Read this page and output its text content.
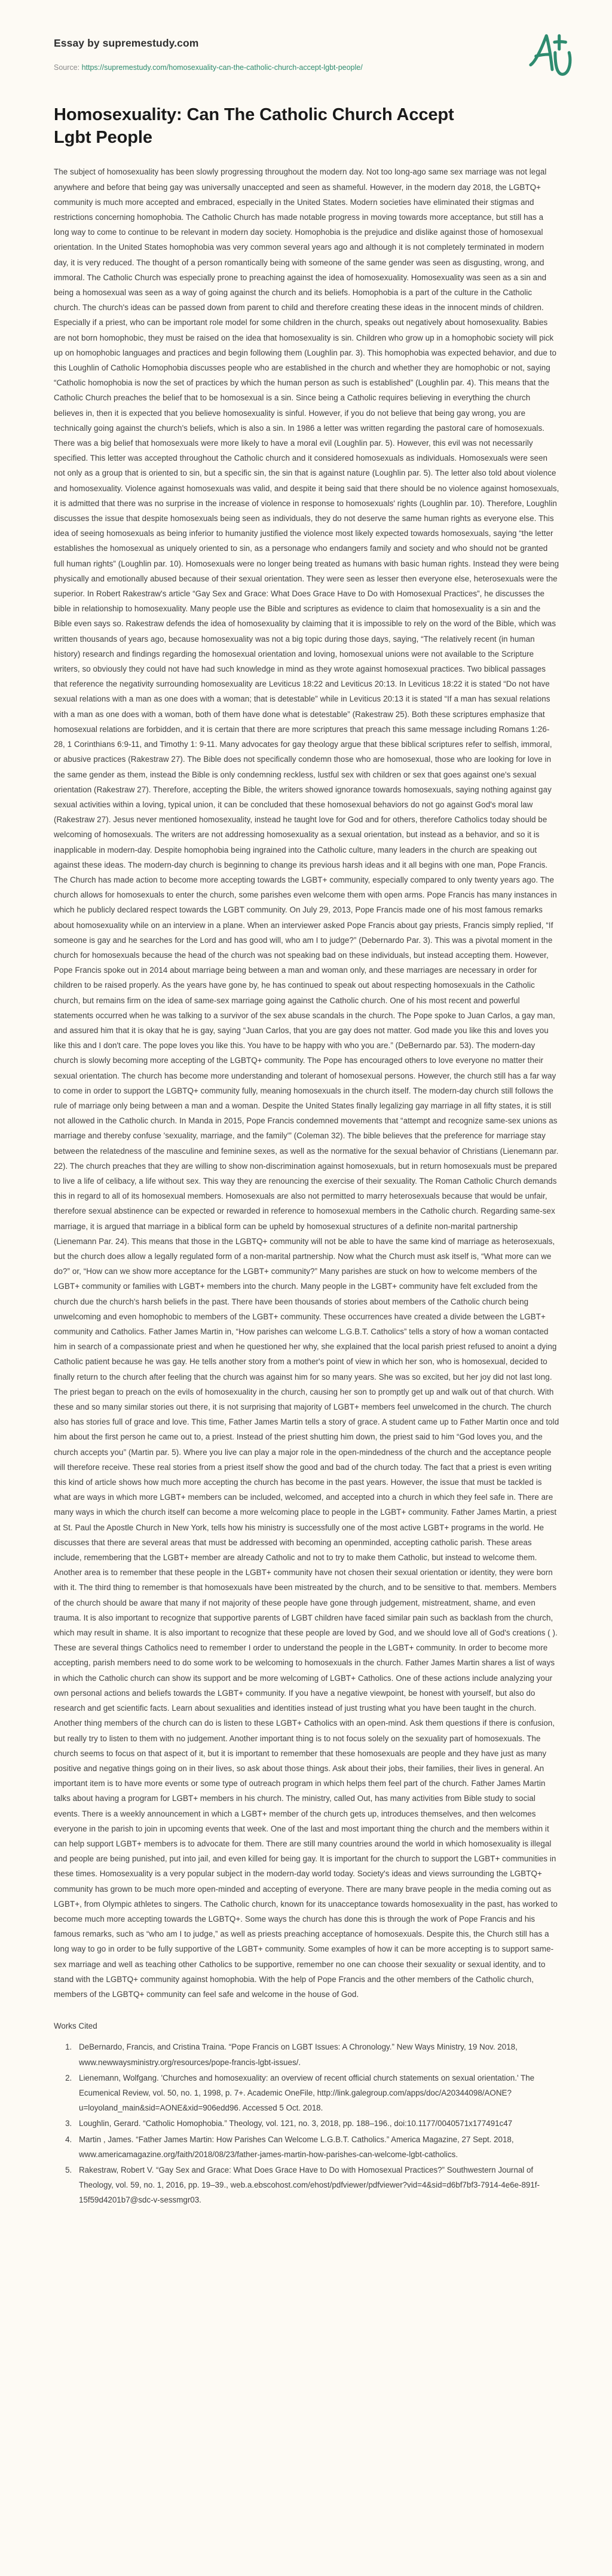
Essay by supremestudy.com
Source: https://supremestudy.com/homosexuality-can-the-catholic-church-accept-lgbt-people/
Homosexuality: Can The Catholic Church Accept Lgbt People

The subject of homosexuality has been slowly progressing throughout the modern day. Not too long-ago same sex marriage was not legal anywhere and before that being gay was universally unaccepted and seen as shameful. However, in the modern day 2018, the LGBTQ+ community is much more accepted and embraced, especially in the United States. Modern societies have eliminated their stigmas and restrictions concerning homophobia. The Catholic Church has made notable progress in moving towards more acceptance, but still has a long way to come to continue to be relevant in modern day society. Homophobia is the prejudice and dislike against those of homosexual orientation. In the United States homophobia was very common several years ago and although it is not completely terminated in modern day, it is very reduced. The thought of a person romantically being with someone of the same gender was seen as disgusting, wrong, and immoral. The Catholic Church was especially prone to preaching against the idea of homosexuality. Homosexuality was seen as a sin and being a homosexual was seen as a way of going against the church and its beliefs. Homophobia is a part of the culture in the Catholic church. The church's ideas can be passed down from parent to child and therefore creating these ideas in the innocent minds of children. Especially if a priest, who can be important role model for some children in the church, speaks out negatively about homosexuality. Babies are not born homophobic, they must be raised on the idea that homosexuality is sin. Children who grow up in a homophobic society will pick up on homophobic languages and practices and begin following them (Loughlin par. 3). This homophobia was expected behavior, and due to this Loughlin of Catholic Homophobia discusses people who are established in the church and whether they are homophobic or not, saying “Catholic homophobia is now the set of practices by which the human person as such is established” (Loughlin par. 4). This means that the Catholic Church preaches the belief that to be homosexual is a sin. Since being a Catholic requires believing in everything the church believes in, then it is expected that you believe homosexuality is sinful. However, if you do not believe that being gay wrong, you are technically going against the church's beliefs, which is also a sin. In 1986 a letter was written regarding the pastoral care of homosexuals. There was a big belief that homosexuals were more likely to have a moral evil (Loughlin par. 5). However, this evil was not necessarily specified. This letter was accepted throughout the Catholic church and it considered homosexuals as individuals. Homosexuals were seen not only as a group that is oriented to sin, but a specific sin, the sin that is against nature (Loughlin par. 5). The letter also told about violence and homosexuality. Violence against homosexuals was valid, and despite it being said that there should be no violence against homosexuals, it is admitted that there was no surprise in the increase of violence in response to homosexuals' rights (Loughlin par. 10). Therefore, Loughlin discusses the issue that despite homosexuals being seen as individuals, they do not deserve the same human rights as everyone else. This idea of seeing homosexuals as being inferior to humanity justified the violence most likely expected towards homosexuals, saying “the letter establishes the homosexual as uniquely oriented to sin, as a personage who endangers family and society and who should not be granted full human rights” (Loughlin par. 10). Homosexuals were no longer being treated as humans with basic human rights. Instead they were being physically and emotionally abused because of their sexual orientation. They were seen as lesser then everyone else, heterosexuals were the superior. In Robert Rakestraw's article “Gay Sex and Grace: What Does Grace Have to Do with Homosexual Practices”, he discusses the bible in relationship to homosexuality. Many people use the Bible and scriptures as evidence to claim that homosexuality is a sin and the Bible even says so. Rakestraw defends the idea of homosexuality by claiming that it is impossible to rely on the word of the Bible, which was written thousands of years ago, because homosexuality was not a big topic during those days, saying, “The relatively recent (in human history) research and findings regarding the homosexual orientation and loving, homosexual unions were not available to the Scripture writers, so obviously they could not have had such knowledge in mind as they wrote against homosexual practices. Two biblical passages that reference the negativity surrounding homosexuality are Leviticus 18:22 and Leviticus 20:13. In Leviticus 18:22 it is stated “Do not have sexual relations with a man as one does with a woman; that is detestable” while in Leviticus 20:13 it is stated “If a man has sexual relations with a man as one does with a woman, both of them have done what is detestable” (Rakestraw 25). Both these scriptures emphasize that homosexual relations are forbidden, and it is certain that there are more scriptures that preach this same message including Romans 1:26-28, 1 Corinthians 6:9-11, and Timothy 1: 9-11. Many advocates for gay theology argue that these biblical scriptures refer to selfish, immoral, or abusive practices (Rakestraw 27). The Bible does not specifically condemn those who are homosexual, those who are looking for love in the same gender as them, instead the Bible is only condemning reckless, lustful sex with children or sex that goes against one's sexual orientation (Rakestraw 27). Therefore, accepting the Bible, the writers showed ignorance towards homosexuals, saying nothing against gay sexual activities within a loving, typical union, it can be concluded that these homosexual behaviors do not go against God's moral law (Rakestraw 27). Jesus never mentioned homosexuality, instead he taught love for God and for others, therefore Catholics today should be welcoming of homosexuals. The writers are not addressing homosexuality as a sexual orientation, but instead as a behavior, and so it is inapplicable in modern-day. Despite homophobia being ingrained into the Catholic culture, many leaders in the church are speaking out against these ideas. The modern-day church is beginning to change its previous harsh ideas and it all begins with one man, Pope Francis. The Church has made action to become more accepting towards the LGBT+ community, especially compared to only twenty years ago. The church allows for homosexuals to enter the church, some parishes even welcome them with open arms. Pope Francis has many instances in which he publicly declared respect towards the LGBT community. On July 29, 2013, Pope Francis made one of his most famous remarks about homosexuality while on an interview in a plane. When an interviewer asked Pope Francis about gay priests, Francis simply replied, “If someone is gay and he searches for the Lord and has good will, who am I to judge?” (Debernardo Par. 3). This was a pivotal moment in the church for homosexuals because the head of the church was not speaking bad on these individuals, but instead accepting them. However, Pope Francis spoke out in 2014 about marriage being between a man and woman only, and these marriages are necessary in order for children to be raised properly. As the years have gone by, he has continued to speak out about respecting homosexuals in the Catholic church, but remains firm on the idea of same-sex marriage going against the Catholic church. One of his most recent and powerful statements occurred when he was talking to a survivor of the sex abuse scandals in the church. The Pope spoke to Juan Carlos, a gay man, and assured him that it is okay that he is gay, saying “Juan Carlos, that you are gay does not matter. God made you like this and loves you like this and I don't care. The pope loves you like this. You have to be happy with who you are.” (DeBernardo par. 53). The modern-day church is slowly becoming more accepting of the LGBTQ+ community. The Pope has encouraged others to love everyone no matter their sexual orientation. The church has become more understanding and tolerant of homosexual persons. However, the church still has a far way to come in order to support the LGBTQ+ community fully, meaning homosexuals in the church itself. The modern-day church still follows the rule of marriage only being between a man and a woman. Despite the United States finally legalizing gay marriage in all fifty states, it is still not allowed in the Catholic church. In Manda in 2015, Pope Francis condemned movements that “attempt and recognize same-sex unions as marriage and thereby confuse 'sexuality, marriage, and the family'” (Coleman 32). The bible believes that the preference for marriage stay between the relatedness of the masculine and feminine sexes, as well as the normative for the sexual behavior of Christians (Lienemann par. 22). The church preaches that they are willing to show non-discrimination against homosexuals, but in return homosexuals must be prepared to live a life of celibacy, a life without sex. This way they are renouncing the exercise of their sexuality. The Roman Catholic Church demands this in regard to all of its homosexual members. Homosexuals are also not permitted to marry heterosexuals because that would be unfair, therefore sexual abstinence can be expected or rewarded in reference to homosexual members in the Catholic church. Regarding same-sex marriage, it is argued that marriage in a biblical form can be upheld by homosexual structures of a definite non-marital partnership (Lienemann Par. 24). This means that those in the LGBTQ+ community will not be able to have the same kind of marriage as heterosexuals, but the church does allow a legally regulated form of a non-marital partnership. Now what the Church must ask itself is, “What more can we do?” or, “How can we show more acceptance for the LGBT+ community?” Many parishes are stuck on how to welcome members of the LGBT+ community or families with LGBT+ members into the church. Many people in the LGBT+ community have felt excluded from the church due the church's harsh beliefs in the past. There have been thousands of stories about members of the Catholic church being unwelcoming and even homophobic to members of the LGBT+ community. These occurrences have created a divide between the LGBT+ community and Catholics. Father James Martin in, “How parishes can welcome L.G.B.T. Catholics” tells a story of how a woman contacted him in search of a compassionate priest and when he questioned her why, she explained that the local parish priest refused to anoint a dying Catholic patient because he was gay. He tells another story from a mother's point of view in which her son, who is homosexual, decided to finally return to the church after feeling that the church was against him for so many years. She was so excited, but her joy did not last long. The priest began to preach on the evils of homosexuality in the church, causing her son to promptly get up and walk out of that church. With these and so many similar stories out there, it is not surprising that majority of LGBT+ members feel unwelcomed in the church. The church also has stories full of grace and love. This time, Father James Martin tells a story of grace. A student came up to Father Martin once and told him about the first person he came out to, a priest. Instead of the priest shutting him down, the priest said to him “God loves you, and the church accepts you” (Martin par. 5). Where you live can play a major role in the open-mindedness of the church and the acceptance people will therefore receive. These real stories from a priest itself show the good and bad of the church today. The fact that a priest is even writing this kind of article shows how much more accepting the church has become in the past years. However, the issue that must be tackled is what are ways in which more LGBT+ members can be included, welcomed, and accepted into a church in which they feel safe in. There are many ways in which the church itself can become a more welcoming place to people in the LGBT+ community. Father James Martin, a priest at St. Paul the Apostle Church in New York, tells how his ministry is successfully one of the most active LGBT+ programs in the world. He discusses that there are several areas that must be addressed with becoming an openminded, accepting catholic parish. These areas include, remembering that the LGBT+ member are already Catholic and not to try to make them Catholic, but instead to welcome them. Another area is to remember that these people in the LGBT+ community have not chosen their sexual orientation or identity, they were born with it. The third thing to remember is that homosexuals have been mistreated by the church, and to be sensitive to that. members. Members of the church should be aware that many if not majority of these people have gone through judgement, mistreatment, shame, and even trauma. It is also important to recognize that supportive parents of LGBT children have faced similar pain such as backlash from the church, which may result in shame. It is also important to recognize that these people are loved by God, and we should love all of God's creations ( ). These are several things Catholics need to remember I order to understand the people in the LGBT+ community. In order to become more accepting, parish members need to do some work to be welcoming to homosexuals in the church. Father James Martin shares a list of ways in which the Catholic church can show its support and be more welcoming of LGBT+ Catholics. One of these actions include analyzing your own personal actions and beliefs towards the LGBT+ community. If you have a negative viewpoint, be honest with yourself, but also do research and get scientific facts. Learn about sexualities and identities instead of just trusting what you have been taught in the church. Another thing members of the church can do is listen to these LGBT+ Catholics with an open-mind. Ask them questions if there is confusion, but really try to listen to them with no judgement. Another important thing is to not focus solely on the sexuality part of homosexuals. The church seems to focus on that aspect of it, but it is important to remember that these homosexuals are people and they have just as many positive and negative things going on in their lives, so ask about those things. Ask about their jobs, their families, their lives in general. An important item is to have more events or some type of outreach program in which helps them feel part of the church. Father James Martin talks about having a program for LGBT+ members in his church. The ministry, called Out, has many activities from Bible study to social events. There is a weekly announcement in which a LGBT+ member of the church gets up, introduces themselves, and then welcomes everyone in the parish to join in upcoming events that week. One of the last and most important thing the church and the members within it can help support LGBT+ members is to advocate for them. There are still many countries around the world in which homosexuality is illegal and people are being punished, put into jail, and even killed for being gay. It is important for the church to support the LGBT+ communities in these times. Homosexuality is a very popular subject in the modern-day world today. Society's ideas and views surrounding the LGBTQ+ community has grown to be much more open-minded and accepting of everyone. There are many brave people in the media coming out as LGBT+, from Olympic athletes to singers. The Catholic church, known for its unacceptance towards homosexuality in the past, has worked to become much more accepting towards the LGBTQ+. Some ways the church has done this is through the work of Pope Francis and his famous remarks, such as “who am I to judge,” as well as priests preaching acceptance of homosexuals. Despite this, the Church still has a long way to go in order to be fully supportive of the LGBT+ community. Some examples of how it can be more accepting is to support same-sex marriage and well as teaching other Catholics to be supportive, remember no one can choose their sexuality or sexual identity, and to stand with the LGBTQ+ community against homophobia. With the help of Pope Francis and the other members of the Catholic church, members of the LGBTQ+ community can feel safe and welcome in the house of God.

Works Cited
1. DeBernardo, Francis, and Cristina Traina. “Pope Francis on LGBT Issues: A Chronology.” New Ways Ministry, 19 Nov. 2018, www.newwaysministry.org/resources/pope-francis-lgbt-issues/.
2. Lienemann, Wolfgang. 'Churches and homosexuality: an overview of recent official church statements on sexual orientation.' The Ecumenical Review, vol. 50, no. 1, 1998, p. 7+. Academic OneFile, http://link.galegroup.com/apps/doc/A20344098/AONE?u=loyoland_main&sid=AONE&xid=906edd96. Accessed 5 Oct. 2018.
3. Loughlin, Gerard. “Catholic Homophobia.” Theology, vol. 121, no. 3, 2018, pp. 188–196., doi:10.1177/0040571x177491c47
4. Martin , James. “Father James Martin: How Parishes Can Welcome L.G.B.T. Catholics.” America Magazine, 27 Sept. 2018, www.americamagazine.org/faith/2018/08/23/father-james-martin-how-parishes-can-welcome-lgbt-catholics.
5. Rakestraw, Robert V. “Gay Sex and Grace: What Does Grace Have to Do with Homosexual Practices?” Southwestern Journal of Theology, vol. 59, no. 1, 2016, pp. 19–39., web.a.ebscohost.com/ehost/pdfviewer/pdfviewer?vid=4&sid=d6bf7bf3-7914-4e6e-891f-15f59d4201b7@sdc-v-sessmgr03.
